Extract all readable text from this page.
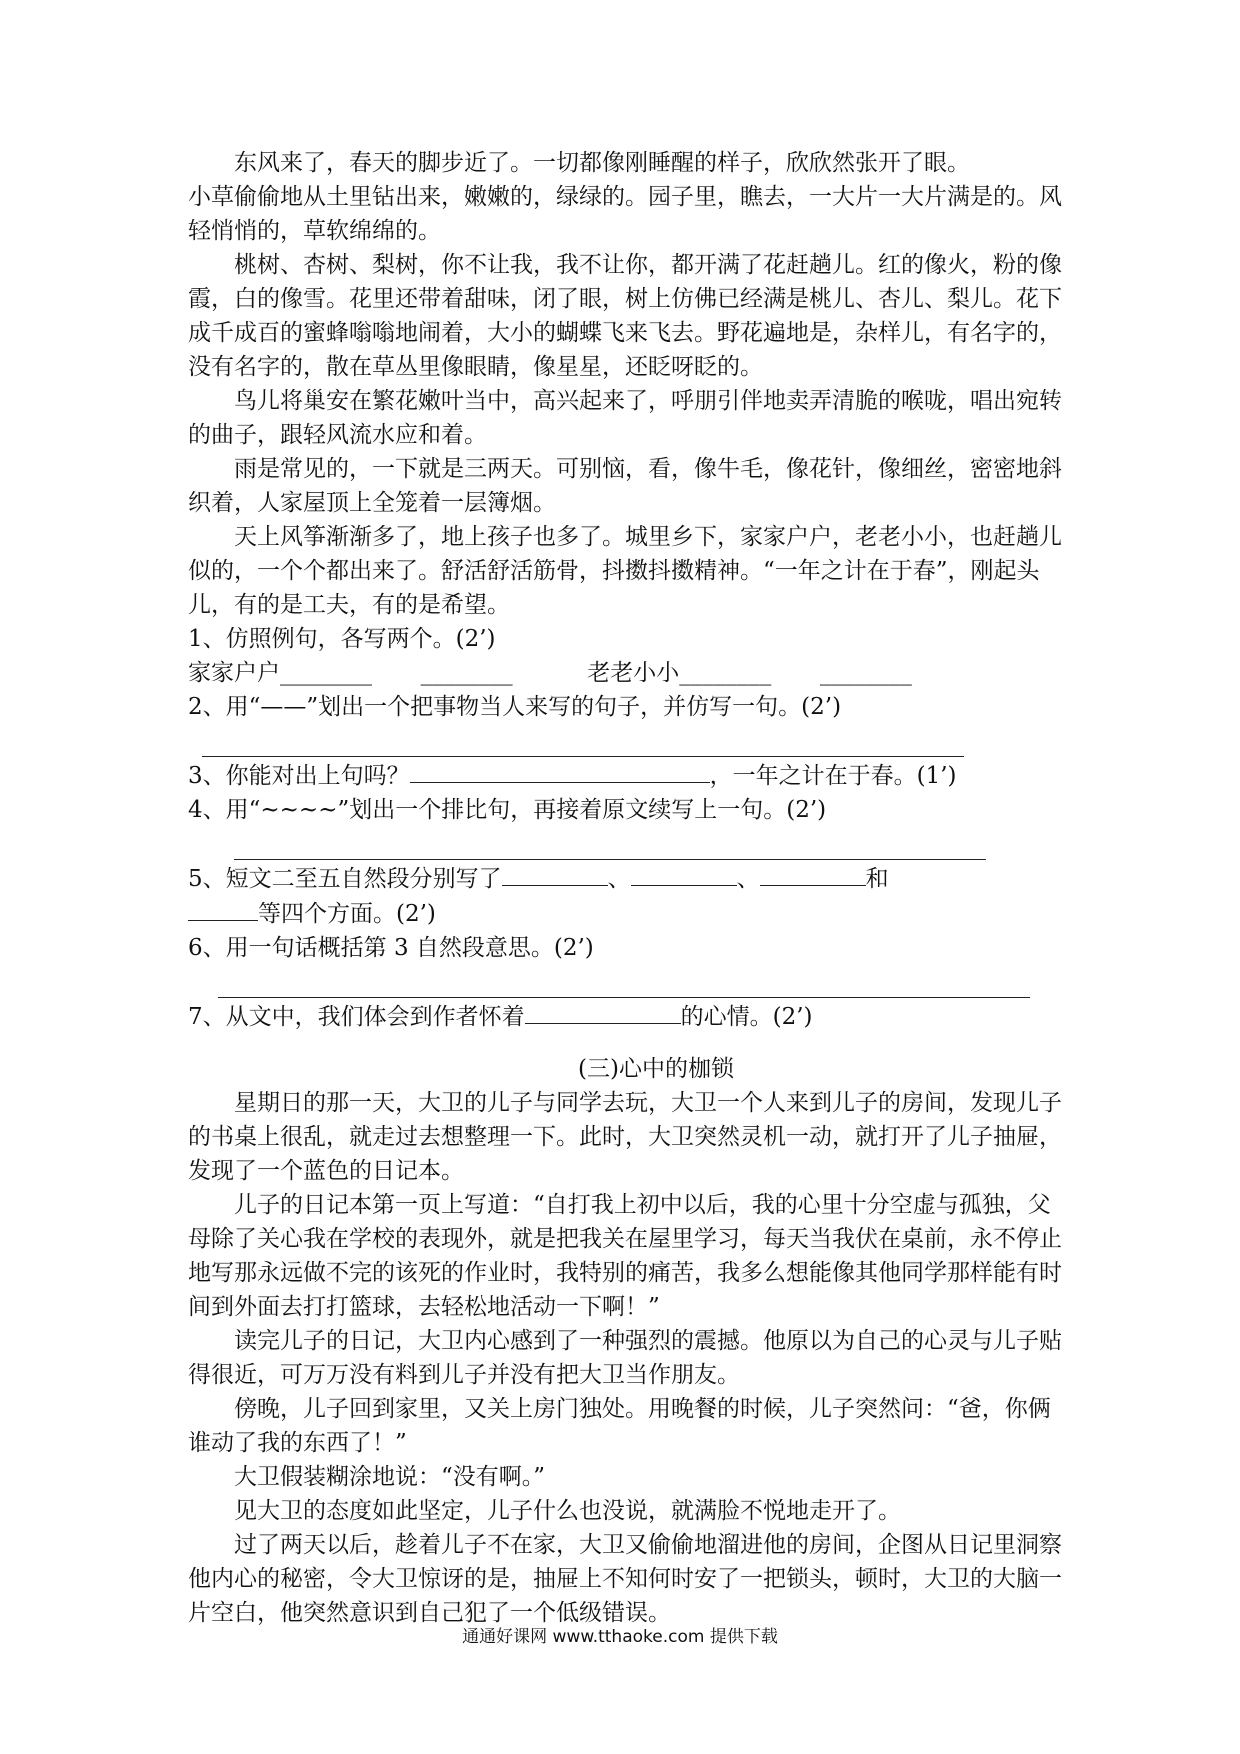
东风来了，春天的脚步近了。一切都像刚睡醒的样子，欣欣然张开了眼。

小草偷偷地从土里钻出来，嫩嫩的，绿绿的。园子里，瞧去，一大片一大片满是的。风轻悄悄的，草软绵绵的。

桃树、杏树、梨树，你不让我，我不让你，都开满了花赶趟儿。红的像火，粉的像霞，白的像雪。花里还带着甜味，闭了眼，树上仿佛已经满是桃儿、杏儿、梨儿。花下成千成百的蜜蜂嗡嗡地闹着，大小的蝴蝶飞来飞去。野花遍地是，杂样儿，有名字的，没有名字的，散在草丛里像眼睛，像星星，还眨呀眨的。

鸟儿将巢安在繁花嫩叶当中，高兴起来了，呼朋引伴地卖弄清脆的喉咙，唱出宛转的曲子，跟轻风流水应和着。

雨是常见的，一下就是三两天。可别恼，看，像牛毛，像花针，像细丝，密密地斜织着，人家屋顶上全笼着一层簿烟。

天上风筝渐渐多了，地上孩子也多了。城里乡下，家家户户，老老小小，也赶趟儿似的，一个个都出来了。舒活舒活筋骨，抖擞抖擞精神。“一年之计在于春”，刚起头儿，有的是工夫，有的是希望。

1、仿照例句，各写两个。(2’)

家家户户________ ________	老老小小________ ________

2、用“——”划出一个把事物当人来写的句子，并仿写一句。(2’)

3、你能对出上句吗？	，一年之计在于春。(1’)

4、用“~~~~”划出一个排比句，再接着原文续写上一句。(2’)

5、短文二至五自然段分别写了	、	、	和

等四个方面。(2’)

6、用一句话概括第 3 自然段意思。(2’)

7、从文中，我们体会到作者怀着	的心情。(2’)

(三)心中的枷锁

星期日的那一天，大卫的儿子与同学去玩，大卫一个人来到儿子的房间，发现儿子的书桌上很乱，就走过去想整理一下。此时，大卫突然灵机一动，就打开了儿子抽屉，发现了一个蓝色的日记本。

儿子的日记本第一页上写道：“自打我上初中以后，我的心里十分空虚与孤独，父母除了关心我在学校的表现外，就是把我关在屋里学习，每天当我伏在桌前，永不停止地写那永远做不完的该死的作业时，我特别的痛苦，我多么想能像其他同学那样能有时间到外面去打打篮球，去轻松地活动一下啊！”

读完儿子的日记，大卫内心感到了一种强烈的震撼。他原以为自己的心灵与儿子贴得很近，可万万没有料到儿子并没有把大卫当作朋友。

傍晚，儿子回到家里，又关上房门独处。用晚餐的时候，儿子突然问：“爸，你俩谁动了我的东西了！”

大卫假装糊涂地说：“没有啊。”

见大卫的态度如此坚定，儿子什么也没说，就满脸不悦地走开了。

过了两天以后，趁着儿子不在家，大卫又偷偷地溜进他的房间，企图从日记里洞察他内心的秘密，令大卫惊讶的是，抽屉上不知何时安了一把锁头，顿时，大卫的大脑一片空白，他突然意识到自己犯了一个低级错误。

通通好课网 www.tthaoke.com 提供下载
